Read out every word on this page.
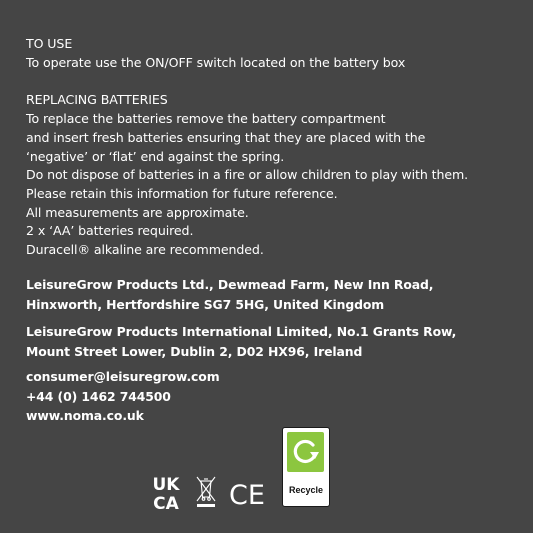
TO USE
To operate use the ON/OFF switch located on the battery box
REPLACING BATTERIES
To replace the batteries remove the battery compartment
and insert fresh batteries ensuring that they are placed with the
‘negative’ or ‘flat’ end against the spring.
Do not dispose of batteries in a fire or allow children to play with them.
Please retain this information for future reference.
All measurements are approximate.
2 x ‘AA’ batteries required.
Duracell® alkaline are recommended.
LeisureGrow Products Ltd., Dewmead Farm, New Inn Road,
Hinxworth, Hertfordshire SG7 5HG, United Kingdom
LeisureGrow Products International Limited, No.1 Grants Row,
Mount Street Lower, Dublin 2, D02 HX96, Ireland
consumer@leisuregrow.com
+44 (0) 1462 744500
www.noma.co.uk
UK
CA CE	Recycle
